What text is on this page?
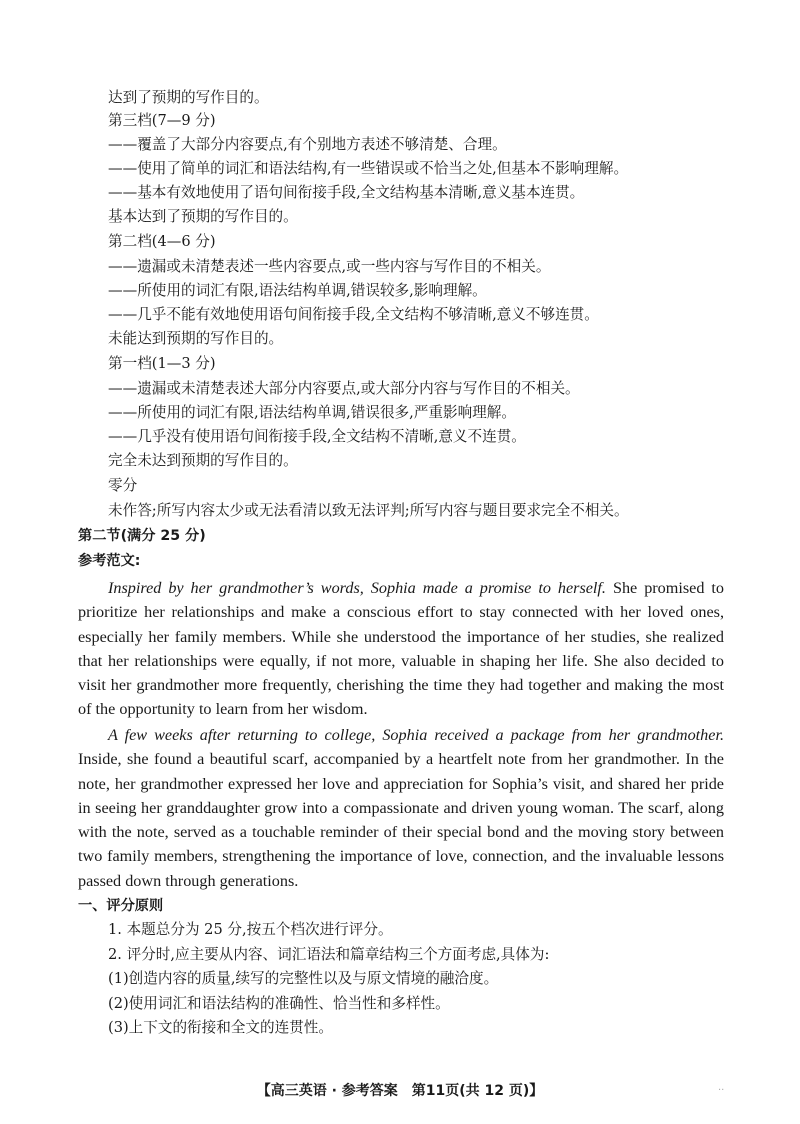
达到了预期的写作目的。
第三档(7—9 分)
——覆盖了大部分内容要点,有个别地方表述不够清楚、合理。
——使用了简单的词汇和语法结构,有一些错误或不恰当之处,但基本不影响理解。
——基本有效地使用了语句间衔接手段,全文结构基本清晰,意义基本连贯。
基本达到了预期的写作目的。
第二档(4—6 分)
——遗漏或未清楚表述一些内容要点,或一些内容与写作目的不相关。
——所使用的词汇有限,语法结构单调,错误较多,影响理解。
——几乎不能有效地使用语句间衔接手段,全文结构不够清晰,意义不够连贯。
未能达到预期的写作目的。
第一档(1—3 分)
——遗漏或未清楚表述大部分内容要点,或大部分内容与写作目的不相关。
——所使用的词汇有限,语法结构单调,错误很多,严重影响理解。
——几乎没有使用语句间衔接手段,全文结构不清晰,意义不连贯。
完全未达到预期的写作目的。
零分
未作答;所写内容太少或无法看清以致无法评判;所写内容与题目要求完全不相关。
第二节(满分 25 分)
参考范文:
Inspired by her grandmother’s words, Sophia made a promise to herself. She promised to prioritize her relationships and make a conscious effort to stay connected with her loved ones, especially her family members. While she understood the importance of her studies, she realized that her relationships were equally, if not more, valuable in shaping her life. She also decided to visit her grandmother more frequently, cherishing the time they had together and making the most of the opportunity to learn from her wisdom.
A few weeks after returning to college, Sophia received a package from her grandmother. Inside, she found a beautiful scarf, accompanied by a heartfelt note from her grandmother. In the note, her grandmother expressed her love and appreciation for Sophia’s visit, and shared her pride in seeing her granddaughter grow into a compassionate and driven young woman. The scarf, along with the note, served as a touchable reminder of their special bond and the moving story between two family members, strengthening the importance of love, connection, and the invaluable lessons passed down through generations.
一、评分原则
1. 本题总分为 25 分,按五个档次进行评分。
2. 评分时,应主要从内容、词汇语法和篇章结构三个方面考虑,具体为:
(1)创造内容的质量,续写的完整性以及与原文情境的融洽度。
(2)使用词汇和语法结构的准确性、恰当性和多样性。
(3)上下文的衔接和全文的连贯性。
【高三英语 · 参考答案　第11页(共 12 页)】	..
